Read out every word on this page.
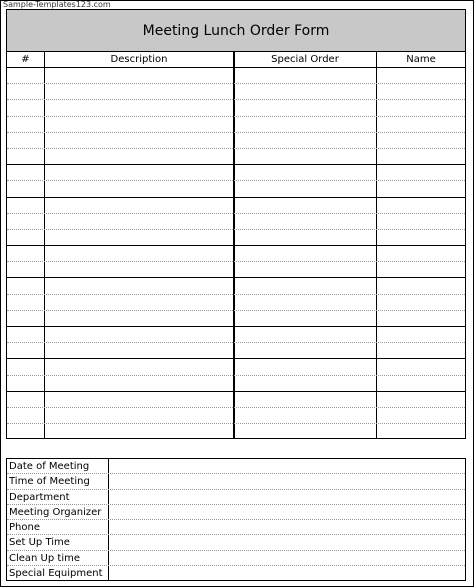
Sample-Templates123.com
Meeting Lunch Order Form
#	Description	Special Order	Name
Date of Meeting
Time of Meeting
Department
Meeting Organizer
Phone
Set Up Time
Clean Up time
Special Equipment
